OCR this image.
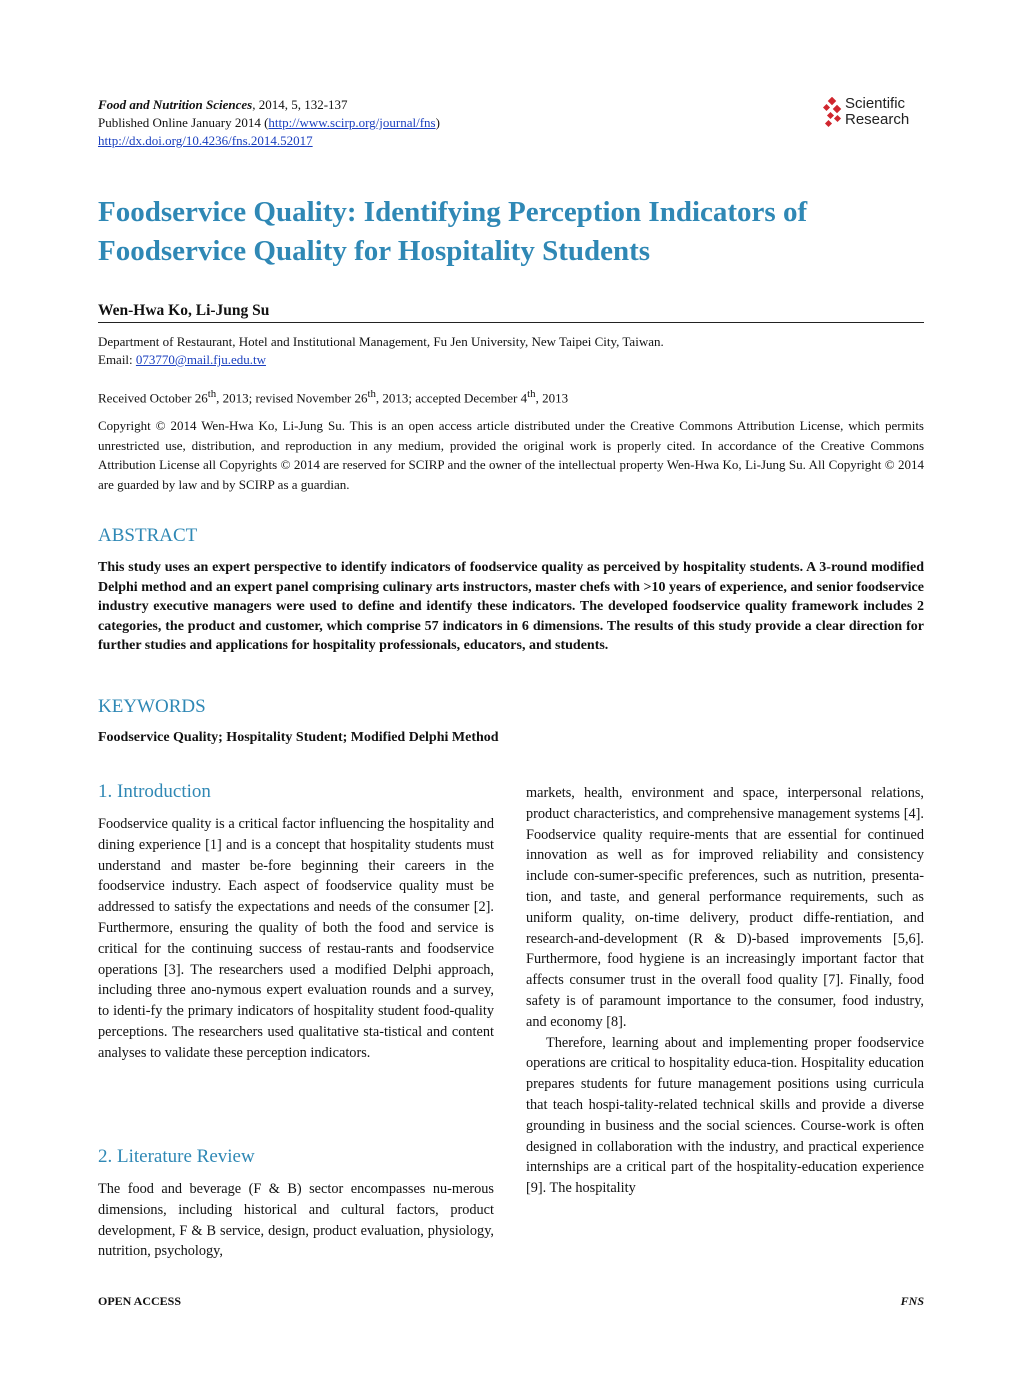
Food and Nutrition Sciences, 2014, 5, 132-137
Published Online January 2014 (http://www.scirp.org/journal/fns)
http://dx.doi.org/10.4236/fns.2014.52017
Scientific
Research
Foodservice Quality: Identifying Perception Indicators of Foodservice Quality for Hospitality Students
Wen-Hwa Ko, Li-Jung Su
Department of Restaurant, Hotel and Institutional Management, Fu Jen University, New Taipei City, Taiwan.
Email: 073770@mail.fju.edu.tw
Received October 26th, 2013; revised November 26th, 2013; accepted December 4th, 2013
Copyright © 2014 Wen-Hwa Ko, Li-Jung Su. This is an open access article distributed under the Creative Commons Attribution License, which permits unrestricted use, distribution, and reproduction in any medium, provided the original work is properly cited. In accordance of the Creative Commons Attribution License all Copyrights © 2014 are reserved for SCIRP and the owner of the intellectual property Wen-Hwa Ko, Li-Jung Su. All Copyright © 2014 are guarded by law and by SCIRP as a guardian.
ABSTRACT
This study uses an expert perspective to identify indicators of foodservice quality as perceived by hospitality students. A 3-round modified Delphi method and an expert panel comprising culinary arts instructors, master chefs with >10 years of experience, and senior foodservice industry executive managers were used to define and identify these indicators. The developed foodservice quality framework includes 2 categories, the product and customer, which comprise 57 indicators in 6 dimensions. The results of this study provide a clear direction for further studies and applications for hospitality professionals, educators, and students.
KEYWORDS
Foodservice Quality; Hospitality Student; Modified Delphi Method
1. Introduction

Foodservice quality is a critical factor influencing the hospitality and dining experience [1] and is a concept that hospitality students must understand and master be-fore beginning their careers in the foodservice industry. Each aspect of foodservice quality must be addressed to satisfy the expectations and needs of the consumer [2]. Furthermore, ensuring the quality of both the food and service is critical for the continuing success of restau-rants and foodservice operations [3]. The researchers used a modified Delphi approach, including three ano-nymous expert evaluation rounds and a survey, to identi-fy the primary indicators of hospitality student food-quality perceptions. The researchers used qualitative sta-tistical and content analyses to validate these perception indicators.

2. Literature Review

The food and beverage (F & B) sector encompasses nu-merous dimensions, including historical and cultural factors, product development, F & B service, design, product evaluation, physiology, nutrition, psychology,

markets, health, environment and space, interpersonal relations, product characteristics, and comprehensive management systems [4]. Foodservice quality require-ments that are essential for continued innovation as well as for improved reliability and consistency include con-sumer-specific preferences, such as nutrition, presenta-tion, and taste, and general performance requirements, such as uniform quality, on-time delivery, product diffe-rentiation, and research-and-development (R & D)-based improvements [5,6]. Furthermore, food hygiene is an increasingly important factor that affects consumer trust in the overall food quality [7]. Finally, food safety is of paramount importance to the consumer, food industry, and economy [8].

Therefore, learning about and implementing proper foodservice operations are critical to hospitality educa-tion. Hospitality education prepares students for future management positions using curricula that teach hospi-tality-related technical skills and provide a diverse grounding in business and the social sciences. Course-work is often designed in collaboration with the industry, and practical experience internships are a critical part of the hospitality-education experience [9]. The hospitality

OPEN ACCESS	FNS
